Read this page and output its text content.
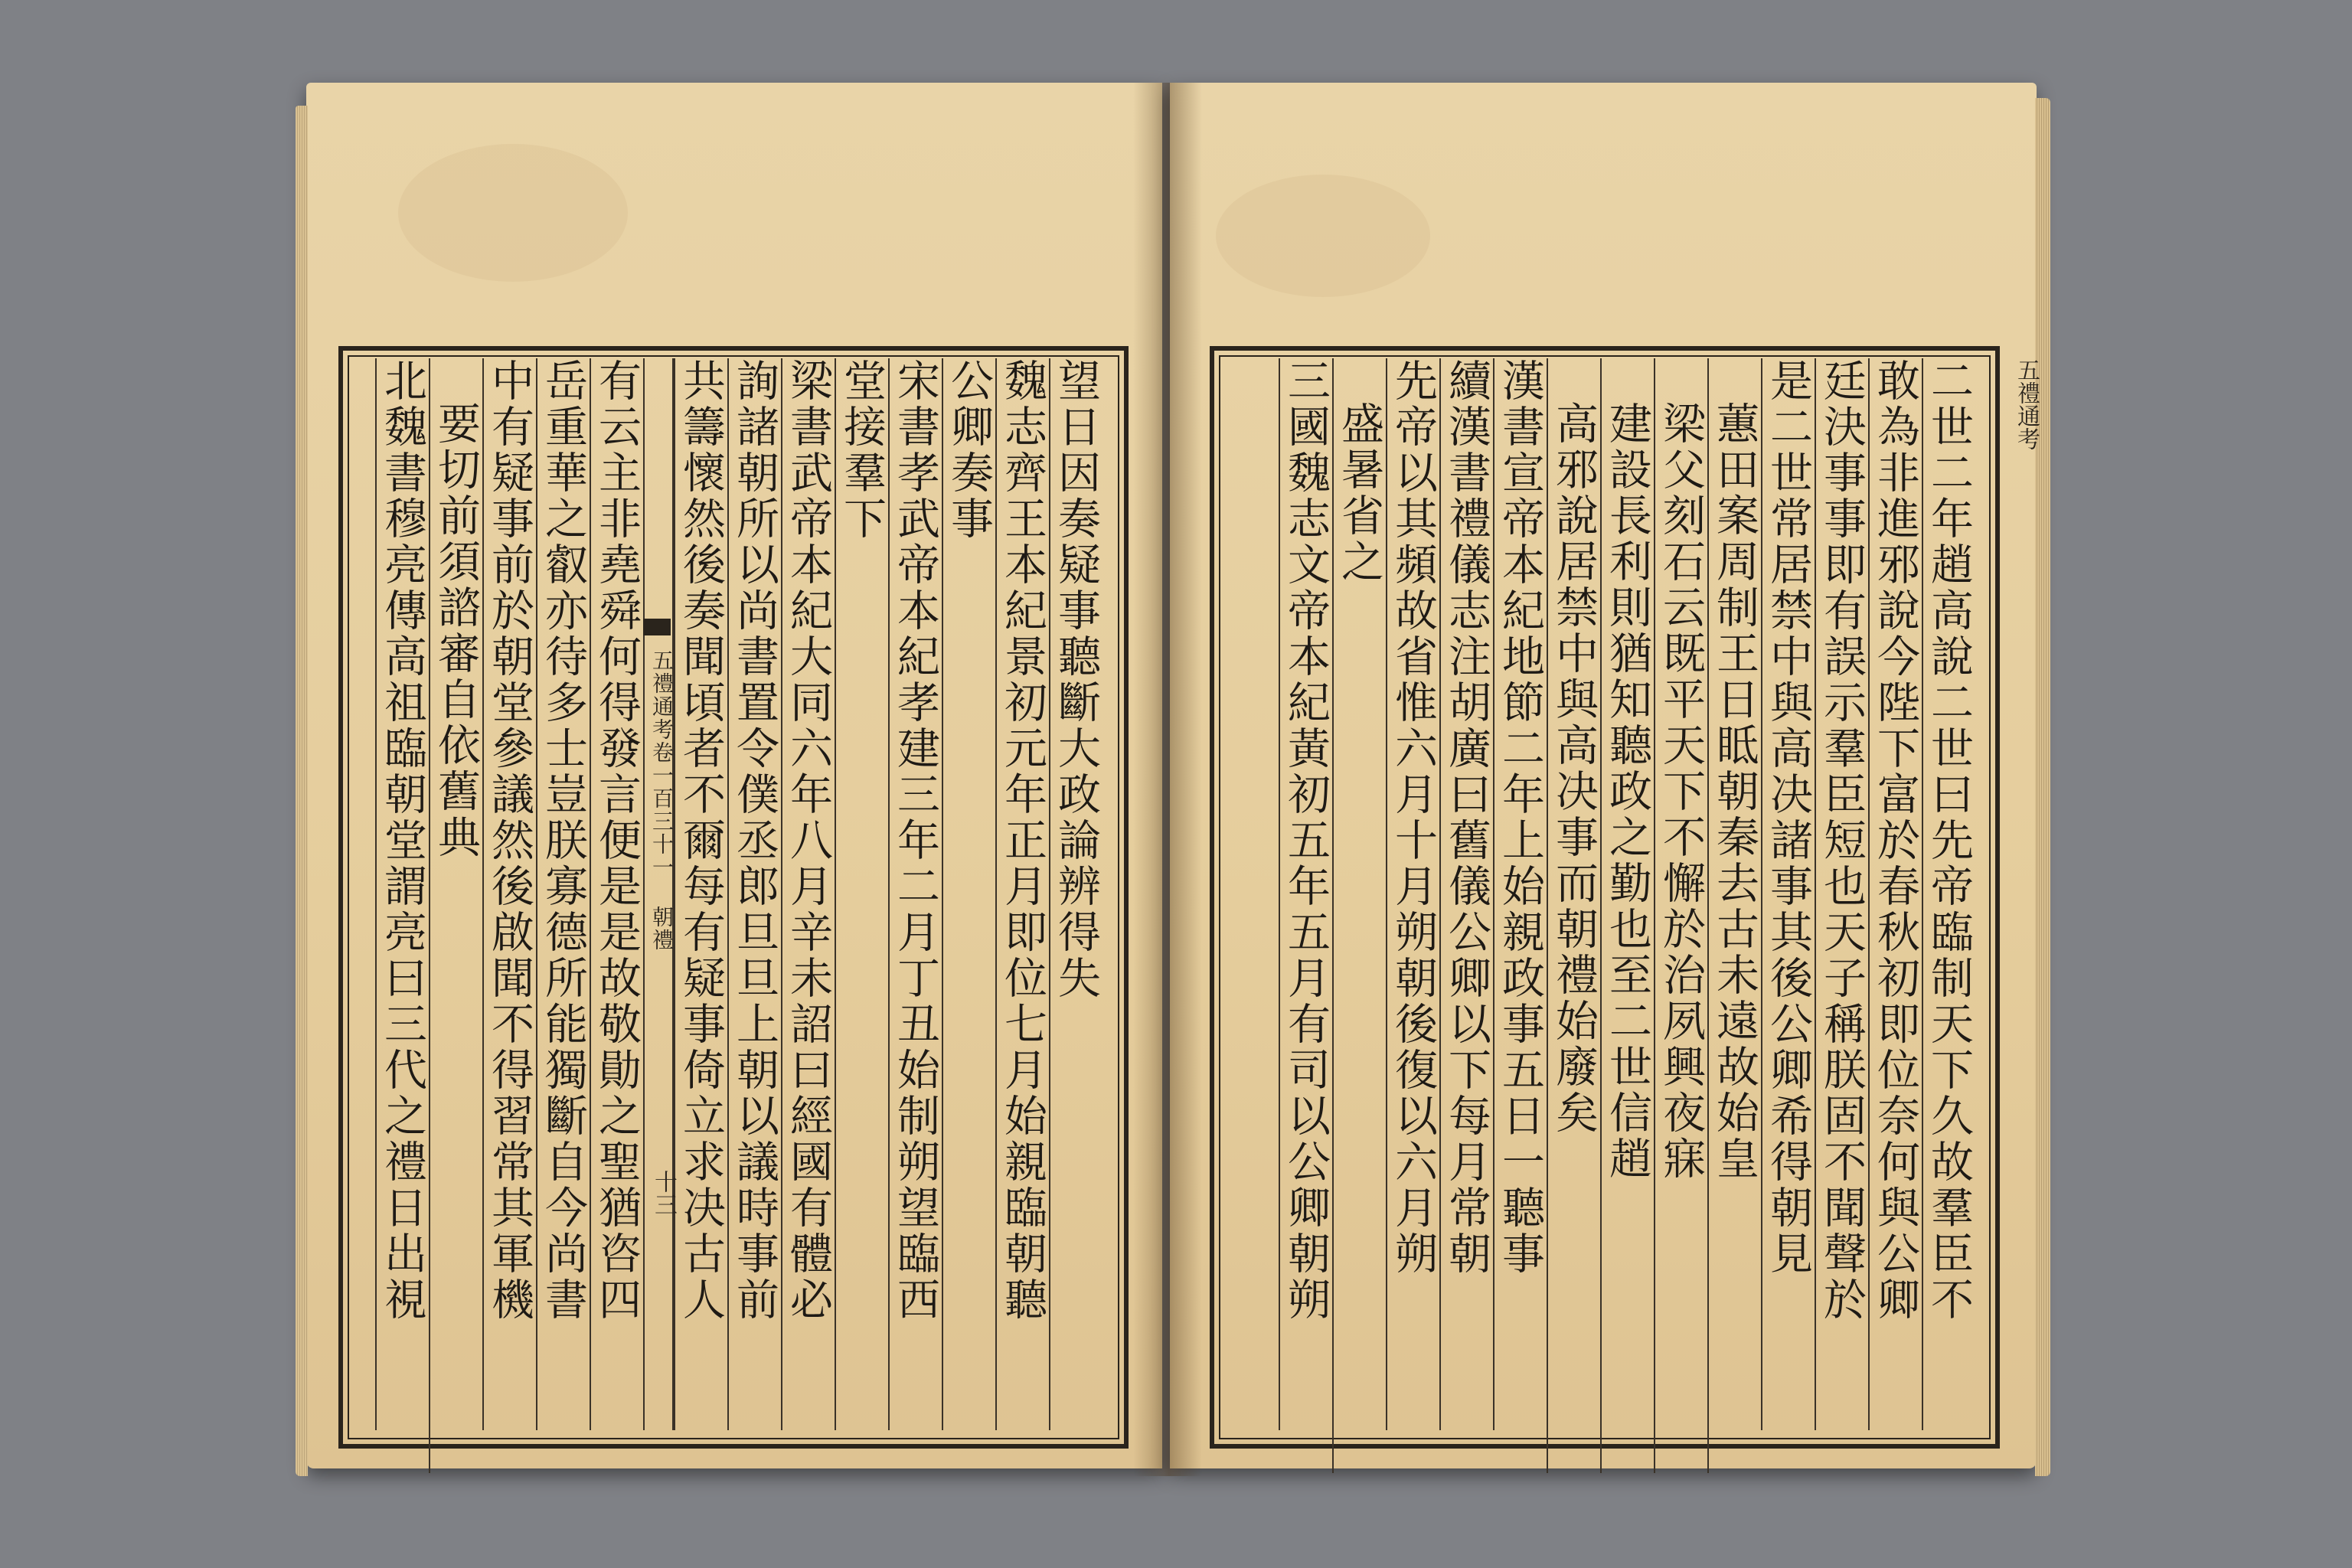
望日因奏疑事聽斷大政論辨得失
魏志齊王本紀景初元年正月即位七月始親臨朝聽
公卿奏事
宋書孝武帝本紀孝建三年二月丁丑始制朔望臨西
堂接羣下
梁書武帝本紀大同六年八月辛未詔曰經國有體必
詢諸朝所以尚書置令僕丞郎旦旦上朝以議時事前
共籌懷然後奏聞頃者不爾每有疑事倚立求决古人
五禮通考卷一百三十一 朝禮
十三
有云主非堯舜何得發言便是是故敬勛之聖猶咨四
岳重華之叡亦待多士豈朕寡德所能獨斷自今尚書
中有疑事前於朝堂參議然後啟聞不得習常其軍機
要切前須諮審自依舊典
北魏書穆亮傳高祖臨朝堂謂亮曰三代之禮日出視	五禮通考
二世二年趙高說二世曰先帝臨制天下久故羣臣不
敢為非進邪說今陛下富於春秋初即位奈何與公卿
廷決事事即有誤示羣臣短也天子稱朕固不聞聲於
是二世常居禁中與高决諸事其後公卿希得朝見
蕙田案周制王日眡朝秦去古未遠故始皇
梁父刻石云既平天下不懈於治夙興夜寐
建設長利則猶知聽政之勤也至二世信趙
高邪說居禁中與高决事而朝禮始廢矣
漢書宣帝本紀地節二年上始親政事五日一聽事
續漢書禮儀志注胡廣曰舊儀公卿以下每月常朝
先帝以其頻故省惟六月十月朔朝後復以六月朔
盛暑省之
三國魏志文帝本紀黃初五年五月有司以公卿朝朔
